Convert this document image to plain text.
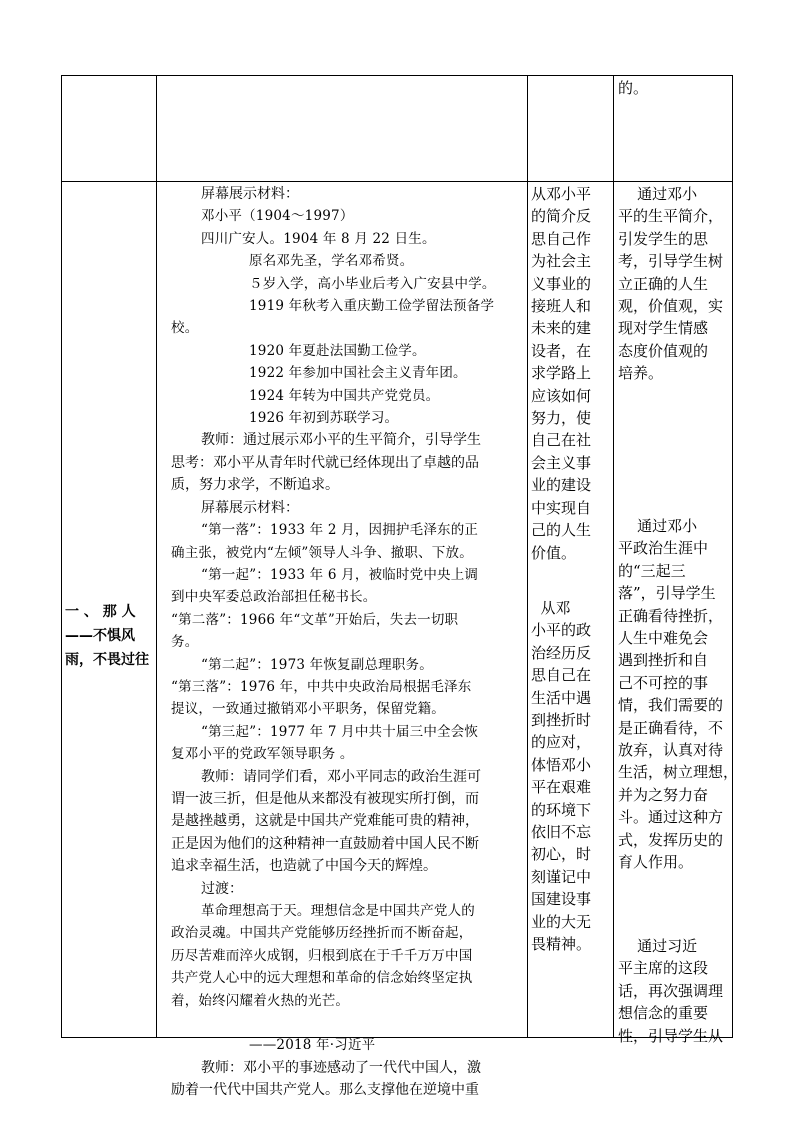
的。
一 、 那 人
——不惧风
雨，不畏过往
屏幕展示材料：
邓小平（1904～1997）
四川广安人。1904 年 8 月 22 日生。
原名邓先圣，学名邓希贤。
５岁入学，高小毕业后考入广安县中学。
1919 年秋考入重庆勤工俭学留法预备学
校。
1920 年夏赴法国勤工俭学。
1922 年参加中国社会主义青年团。
1924 年转为中国共产党党员。
1926 年初到苏联学习。
教师：通过展示邓小平的生平简介，引导学生
思考：邓小平从青年时代就已经体现出了卓越的品
质，努力求学，不断追求。
屏幕展示材料：
“第一落”：1933 年 2 月，因拥护毛泽东的正
确主张，被党内“左倾”领导人斗争、撤职、下放。
“第一起”：1933 年 6 月，被临时党中央上调
到中央军委总政治部担任秘书长。
“第二落”：1966 年“文革”开始后，失去一切职
务。
“第二起”：1973 年恢复副总理职务。
“第三落”：1976 年，中共中央政治局根据毛泽东
提议，一致通过撤销邓小平职务，保留党籍。
“第三起”：1977 年 7 月中共十届三中全会恢
复邓小平的党政军领导职务 。
教师：请同学们看，邓小平同志的政治生涯可
谓一波三折，但是他从来都没有被现实所打倒，而
是越挫越勇，这就是中国共产党难能可贵的精神，
正是因为他们的这种精神一直鼓励着中国人民不断
追求幸福生活，也造就了中国今天的辉煌。
过渡：
革命理想高于天。理想信念是中国共产党人的
政治灵魂。中国共产党能够历经挫折而不断奋起，
历尽苦难而淬火成钢，归根到底在于千千万万中国
共产党人心中的远大理想和革命的信念始终坚定执
着，始终闪耀着火热的光芒。

——2018 年·习近平
教师：邓小平的事迹感动了一代代中国人，激
励着一代代中国共产党人。那么支撑他在逆境中重
从邓小平
的简介反
思自己作
为社会主
义事业的
接班人和
未来的建
设者，在
求学路上
应该如何
努力，使
自己在社
会主义事
业的建设
中实现自
己的人生
价值。
从邓
小平的政
治经历反
思自己在
生活中遇
到挫折时
的应对，
体悟邓小
平在艰难
的环境下
依旧不忘
初心，时
刻谨记中
国建设事
业的大无
畏精神。
通过邓小
平的生平简介，
引发学生的思
考，引导学生树
立正确的人生
观，价值观，实
现对学生情感
态度价值观的
培养。
通过邓小
平政治生涯中
的“三起三
落”，引导学生
正确看待挫折，
人生中难免会
遇到挫折和自
己不可控的事
情，我们需要的
是正确看待，不
放弃，认真对待
生活，树立理想，
并为之努力奋
斗。通过这种方
式，发挥历史的
育人作用。
通过习近
平主席的这段
话，再次强调理
想信念的重要
性，引导学生从
